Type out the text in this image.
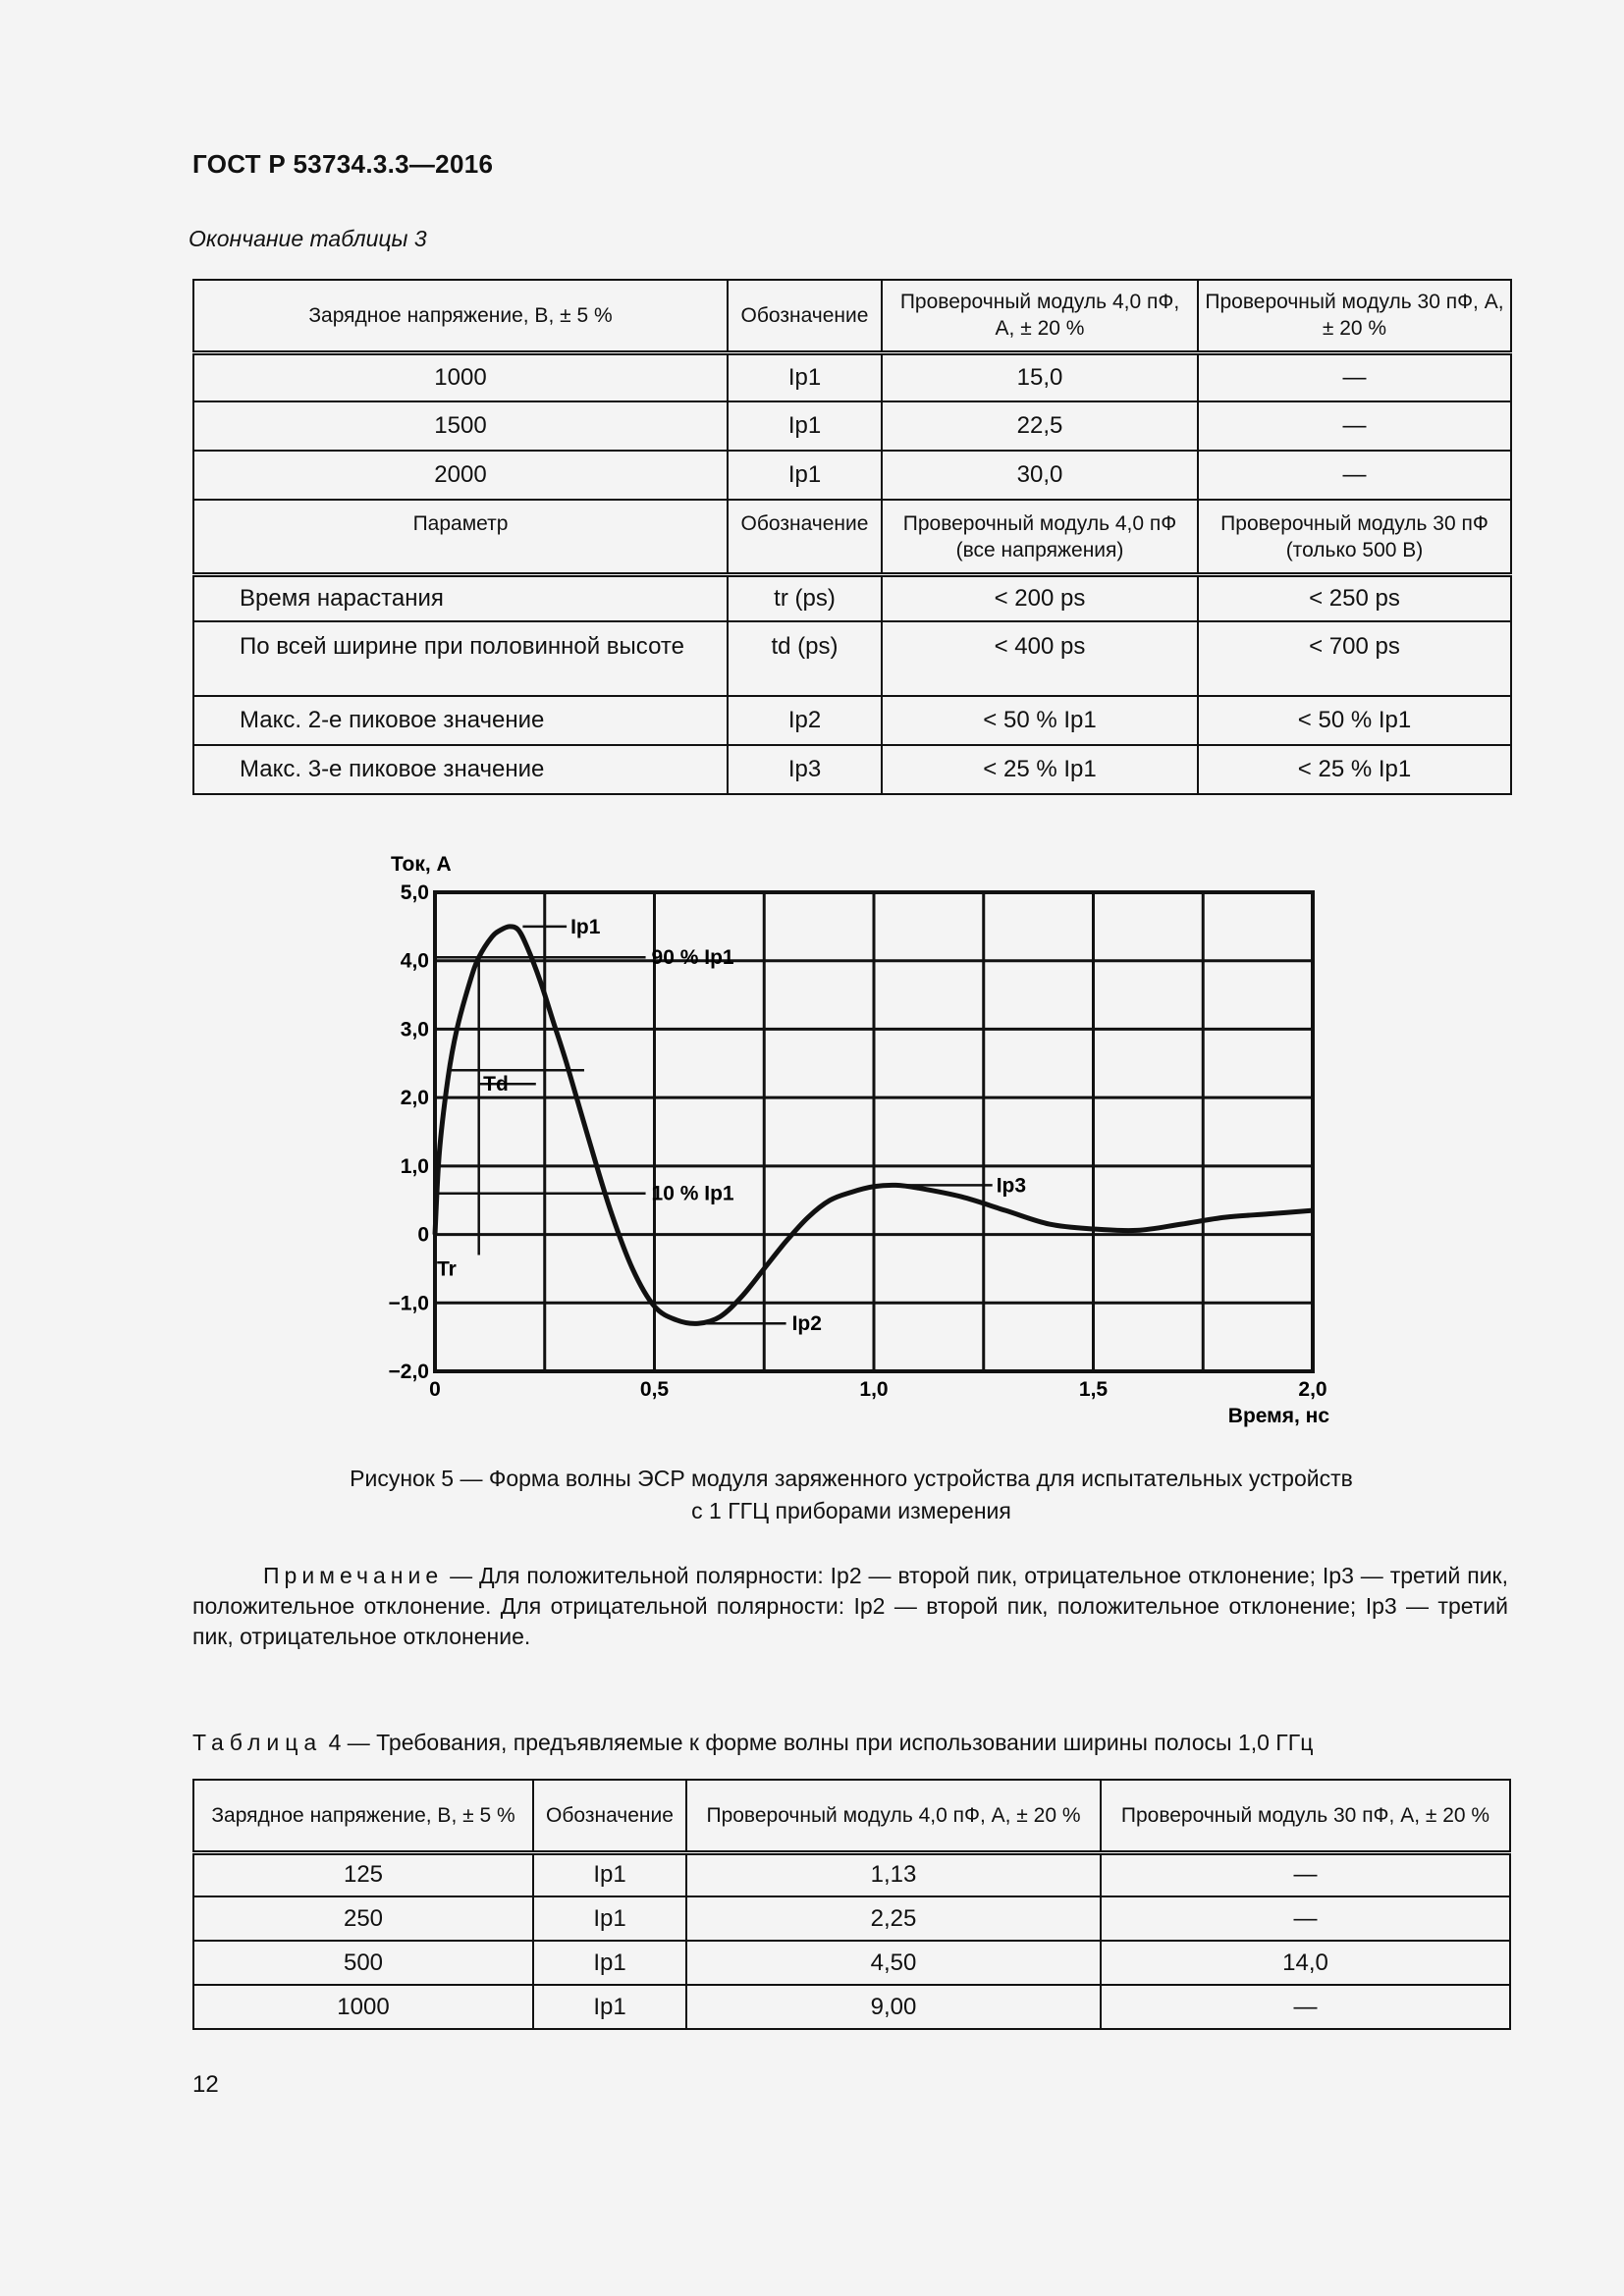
ГОСТ Р 53734.3.3—2016
Окончание таблицы 3
Зарядное напряжение, В, ± 5 %	Обозначение	Проверочный модуль 4,0 пФ, А, ± 20 %	Проверочный модуль 30 пФ, А, ± 20 %
1000	Ip1	15,0	—
1500	Ip1	22,5	—
2000	Ip1	30,0	—
Параметр	Обозначение	Проверочный модуль 4,0 пФ (все напряжения)	Проверочный модуль 30 пФ (только 500 В)
Время нарастания	tr (ps)	< 200 ps	< 250 ps
По всей ширине при половинной высоте	td (ps)	< 400 ps	< 700 ps
Макс. 2-е пиковое значение	Ip2	< 50 % Ip1	< 50 % Ip1
Макс. 3-е пиковое значение	Ip3	< 25 % Ip1	< 25 % Ip1
5,0
4,0
3,0
2,0
1,0
0
−1,0
−2,0
0	0,5	1,0	1,5	2,0
Ток, А
Время, нс
90 % Ip1
10 % Ip1
Tr
Td
Ip1
Ip2
Ip3
Рисунок 5 — Форма волны ЭСР модуля заряженного устройства для испытательных устройств
с 1 ГГЦ приборами измерения
Примечание — Для положительной полярности: Ip2 — второй пик, отрицательное отклонение; Ip3 — третий пик, положительное отклонение. Для отрицательной полярности: Ip2 — второй пик, положительное отклонение; Ip3 — третий пик, отрицательное отклонение.
Таблица 4 — Требования, предъявляемые к форме волны при использовании ширины полосы 1,0 ГГц
Зарядное напряжение, В, ± 5 %	Обозначение	Проверочный модуль 4,0 пФ, А, ± 20 %	Проверочный модуль 30 пФ, А, ± 20 %
125	Ip1	1,13	—
250	Ip1	2,25	—
500	Ip1	4,50	14,0
1000	Ip1	9,00	—
12
